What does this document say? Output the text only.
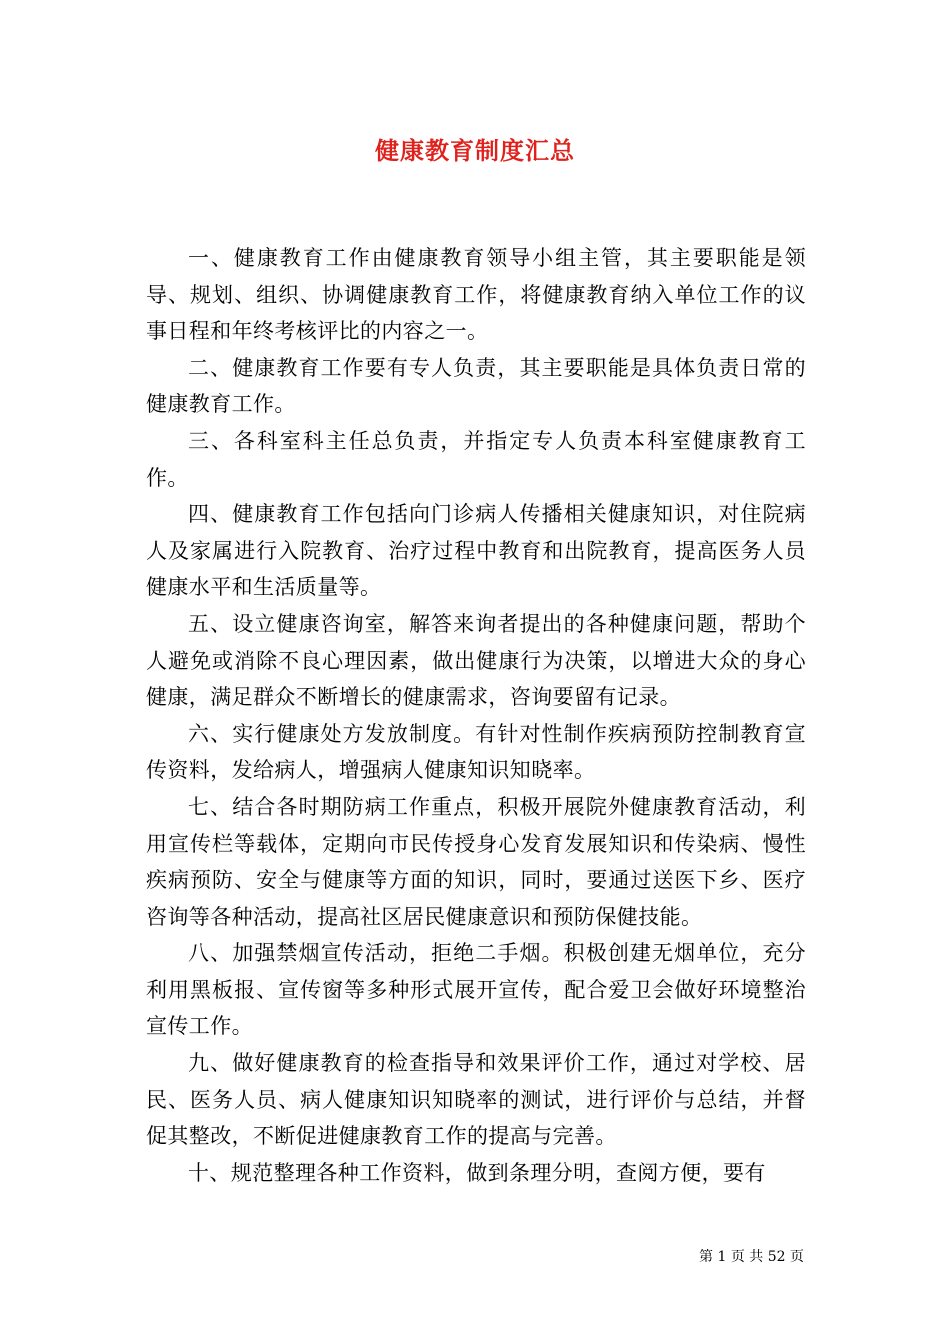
健康教育制度汇总

一、健康教育工作由健康教育领导小组主管，其主要职能是领导、规划、组织、协调健康教育工作，将健康教育纳入单位工作的议事日程和年终考核评比的内容之一。

二、健康教育工作要有专人负责，其主要职能是具体负责日常的健康教育工作。

三、各科室科主任总负责，并指定专人负责本科室健康教育工作。

四、健康教育工作包括向门诊病人传播相关健康知识，对住院病人及家属进行入院教育、治疗过程中教育和出院教育，提高医务人员健康水平和生活质量等。

五、设立健康咨询室，解答来询者提出的各种健康问题，帮助个人避免或消除不良心理因素，做出健康行为决策，以增进大众的身心健康，满足群众不断增长的健康需求，咨询要留有记录。

六、实行健康处方发放制度。有针对性制作疾病预防控制教育宣传资料，发给病人，增强病人健康知识知晓率。

七、结合各时期防病工作重点，积极开展院外健康教育活动，利用宣传栏等载体，定期向市民传授身心发育发展知识和传染病、慢性疾病预防、安全与健康等方面的知识，同时，要通过送医下乡、医疗咨询等各种活动，提高社区居民健康意识和预防保健技能。

八、加强禁烟宣传活动，拒绝二手烟。积极创建无烟单位，充分利用黑板报、宣传窗等多种形式展开宣传，配合爱卫会做好环境整治宣传工作。

九、做好健康教育的检查指导和效果评价工作，通过对学校、居民、医务人员、病人健康知识知晓率的测试，进行评价与总结，并督促其整改，不断促进健康教育工作的提高与完善。

十、规范整理各种工作资料，做到条理分明，查阅方便，要有

第 1 页 共 52 页
